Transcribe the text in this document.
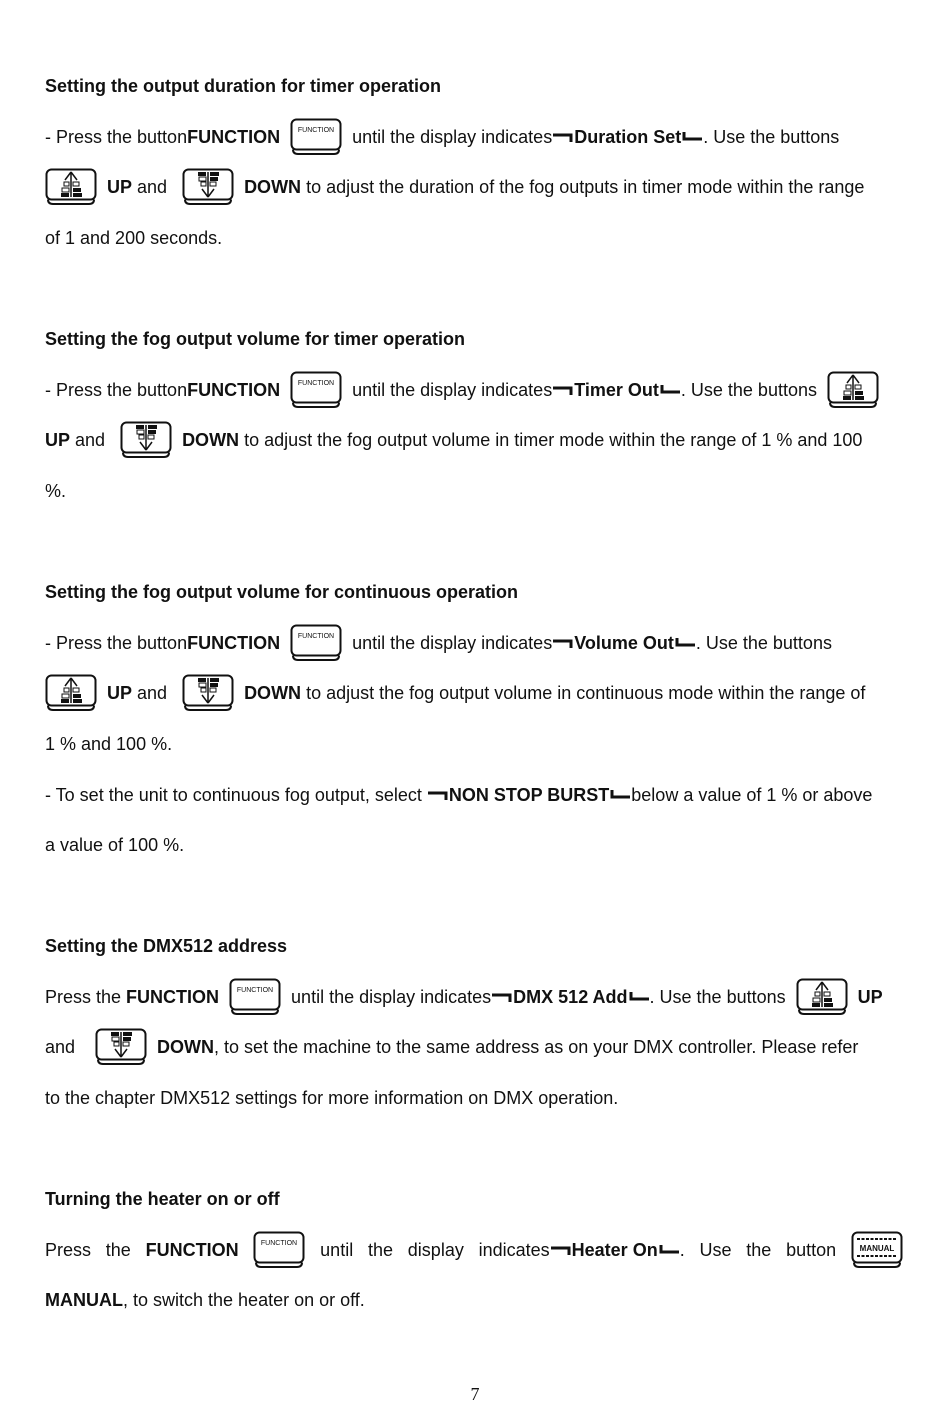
Setting the output duration for timer operation
- Press the button FUNCTION	FUNCTION until the display indicates Duration Set . Use the buttons
UP and	DOWN to adjust the duration of the fog outputs in timer mode within the range
of 1 and 200 seconds.
Setting the fog output volume for timer operation
- Press the button FUNCTION	FUNCTION until the display indicates Timer Out . Use the buttons
UP and	DOWN to adjust the fog output volume in timer mode within the range of 1 % and 100
%.
Setting the fog output volume for continuous operation
- Press the button FUNCTION	FUNCTION until the display indicates Volume Out . Use the buttons
UP and	DOWN to adjust the fog output volume in continuous mode within the range of
1 % and 100 %.
- To set the unit to continuous fog output, select NON STOP BURST below a value of 1 % or above
a value of 100 %.
Setting the DMX512 address
Press the FUNCTION	FUNCTION until the display indicates DMX 512 Add . Use the buttons	UP
and	DOWN , to set the machine to the same address as on your DMX controller. Please refer
to the chapter DMX512 settings for more information on DMX operation.
Turning the heater on or off
Press the FUNCTION	FUNCTION until the display indicates Heater On . Use the button	MANUAL
MANUAL , to switch the heater on or off.
7
